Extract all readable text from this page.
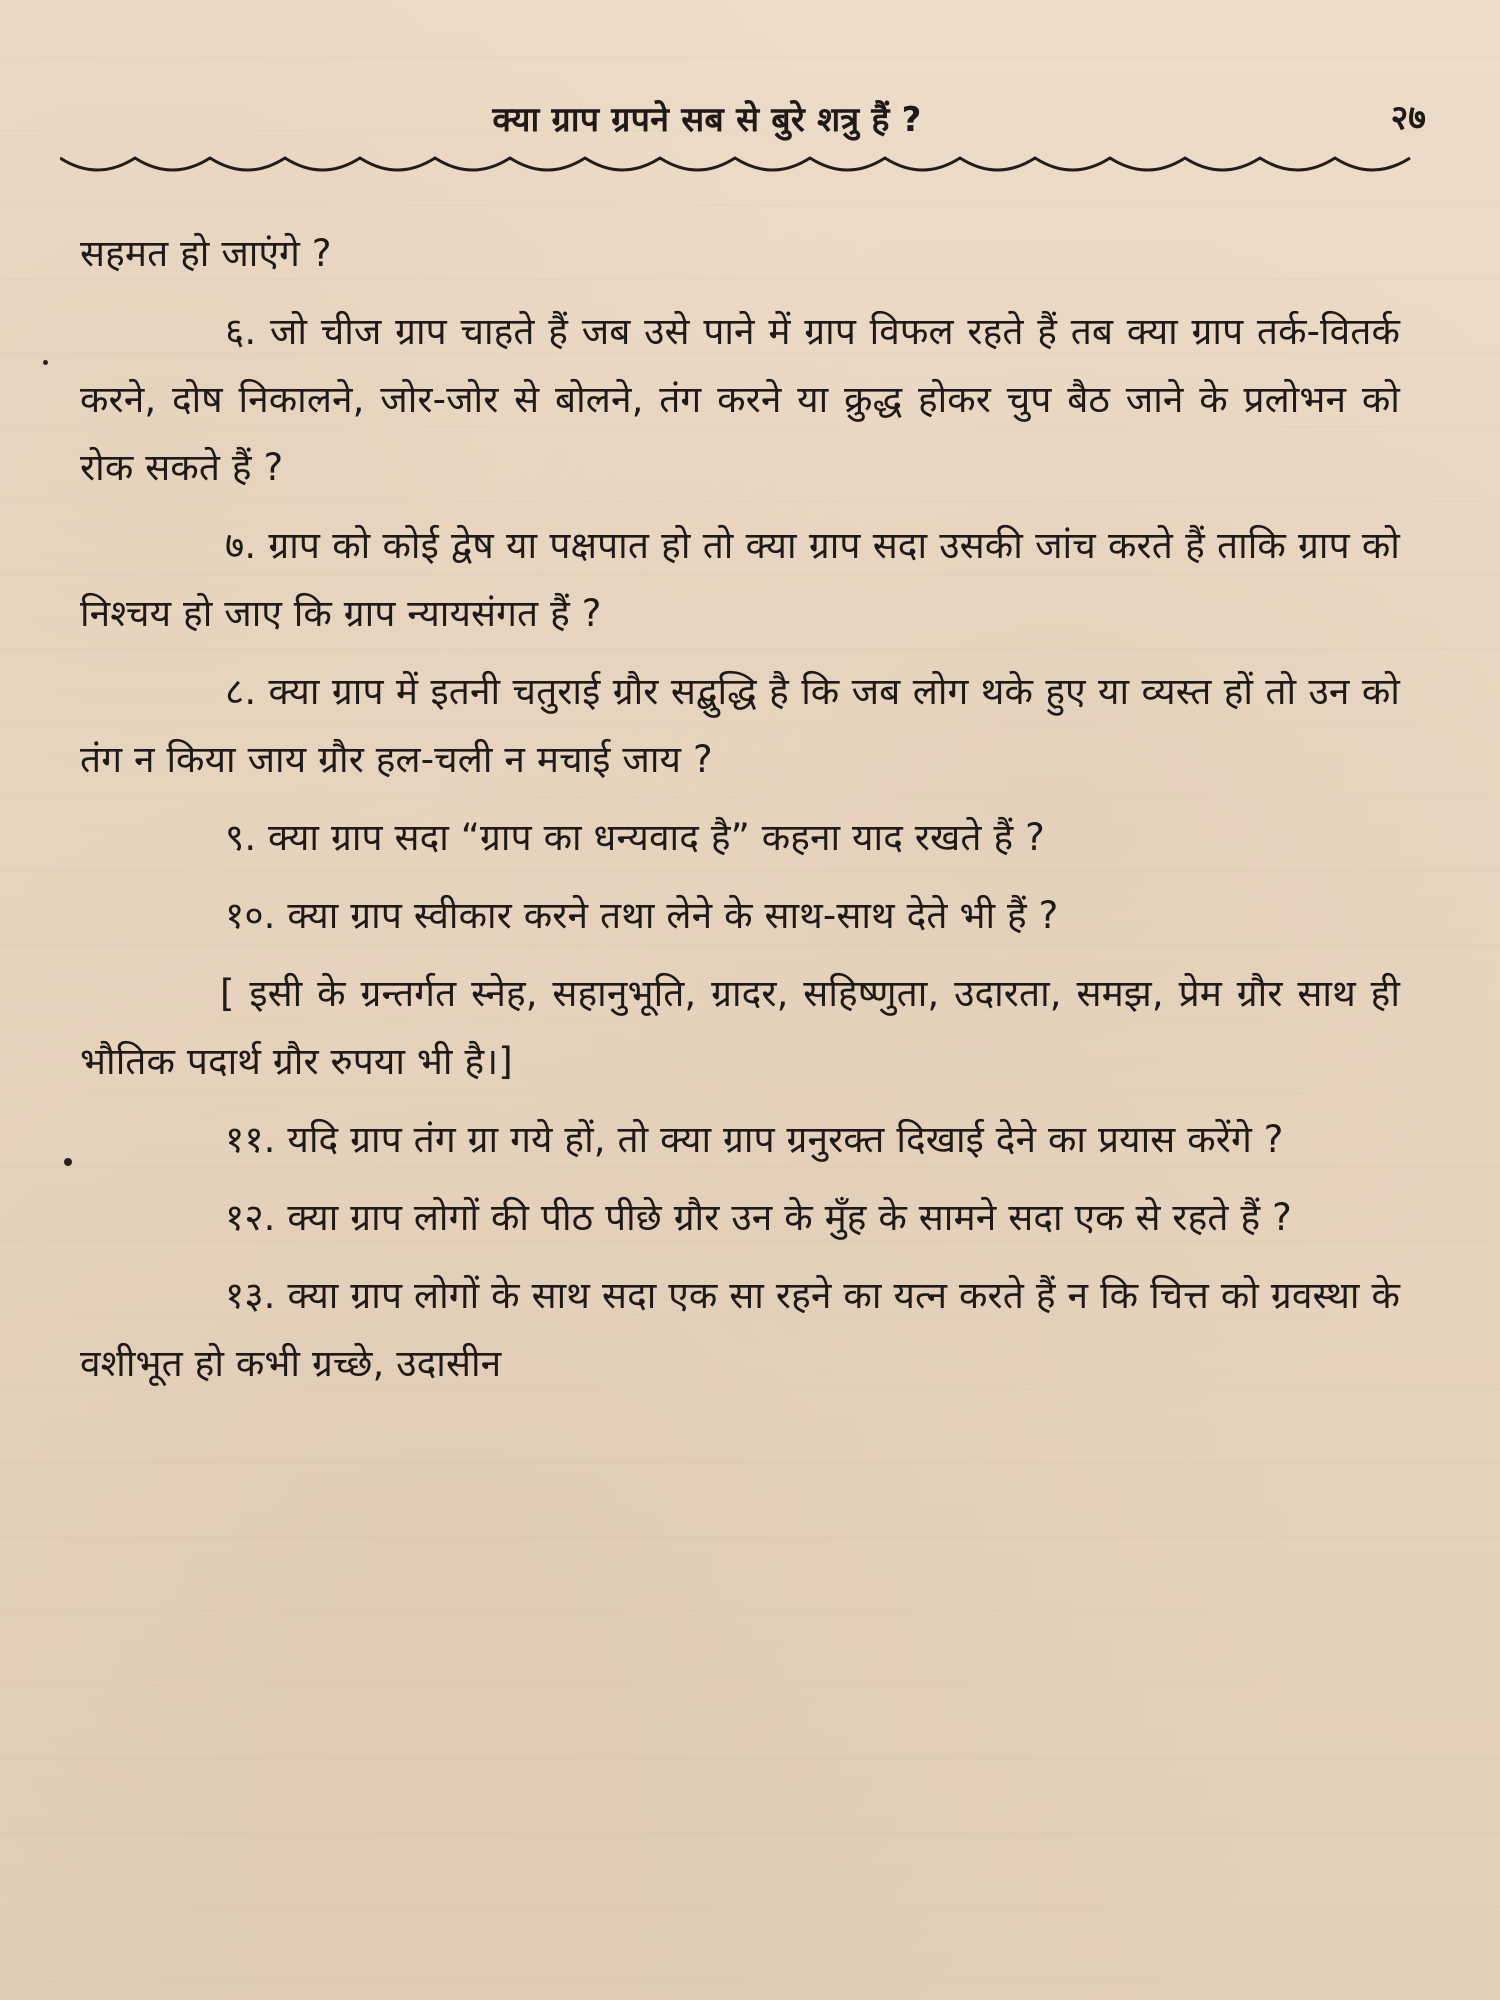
क्या ग्राप ग्रपने सब से बुरे शत्रु हैं ?	२७

सहमत हो जाएंगे ?

६. जो चीज ग्राप चाहते हैं जब उसे पाने में ग्राप विफल रहते हैं तब क्या ग्राप तर्क-वितर्क करने, दोष निकालने, जोर-जोर से बोलने, तंग करने या क्रुद्ध होकर चुप बैठ जाने के प्रलोभन को रोक सकते हैं ?

७. ग्राप को कोई द्वेष या पक्षपात हो तो क्या ग्राप सदा उसकी जांच करते हैं ताकि ग्राप को निश्चय हो जाए कि ग्राप न्यायसंगत हैं ?

८. क्या ग्राप में इतनी चतुराई ग्रौर सद्बुद्धि है कि जब लोग थके हुए या व्यस्त हों तो उन को तंग न किया जाय ग्रौर हल-चली न मचाई जाय ?

९. क्या ग्राप सदा “ग्राप का धन्यवाद है” कहना याद रखते हैं ?

१०. क्या ग्राप स्वीकार करने तथा लेने के साथ-साथ देते भी हैं ?

[ इसी के ग्रन्तर्गत स्नेह, सहानुभूति, ग्रादर, सहिष्णुता, उदारता, समझ, प्रेम ग्रौर साथ ही भौतिक पदार्थ ग्रौर रुपया भी है।]

११. यदि ग्राप तंग ग्रा गये हों, तो क्या ग्राप ग्रनुरक्त दिखाई देने का प्रयास करेंगे ?

१२. क्या ग्राप लोगों की पीठ पीछे ग्रौर उन के मुँह के सामने सदा एक से रहते हैं ?

१३. क्या ग्राप लोगों के साथ सदा एक सा रहने का यत्न करते हैं न कि चित्त को ग्रवस्था के वशीभूत हो कभी ग्रच्छे, उदासीन
